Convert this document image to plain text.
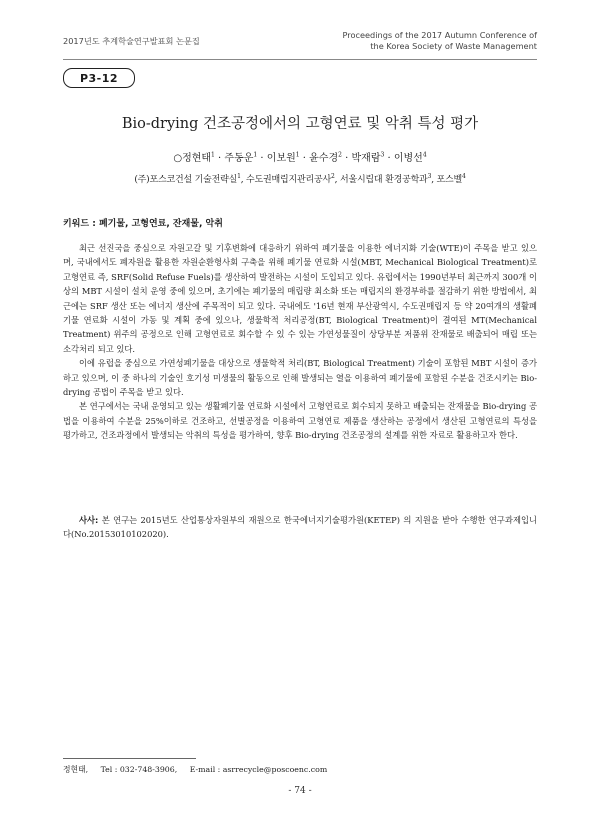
2017년도 추계학술연구발표회 논문집
Proceedings of the 2017 Autumn Conference of
the Korea Society of Waste Management
P3-12
Bio-drying 건조공정에서의 고형연료 및 악취 특성 평가
○정현태$^1$ · 주동운$^1$ · 이보원$^1$ · 윤수경$^2$ · 박재람$^3$ · 이병선$^4$
(주)포스코건설 기술전략실$^1$, 수도권매립지관리공사$^2$, 서울시립대 환경공학과$^3$, 포스벨$^4$
키워드 : 폐기물, 고형연료, 잔재물, 악취

최근 선진국을 중심으로 자원고갈 및 기후변화에 대응하기 위하여 폐기물을 이용한 에너지화 기술(WTE)이 주목을 받고 있으며, 국내에서도 폐자원을 활용한 자원순환형사회 구축을 위해 폐기물 연료화 시설(MBT, Mechanical Biological Treatment)로 고형연료 즉, SRF(Solid Refuse Fuels)를 생산하여 발전하는 시설이 도입되고 있다. 유럽에서는 1990년부터 최근까지 300개 이상의 MBT 시설이 설치 운영 중에 있으며, 초기에는 폐기물의 매립량 최소화 또는 매립지의 환경부하를 절감하기 위한 방법에서, 최근에는 SRF 생산 또는 에너지 생산에 주목적이 되고 있다. 국내에도 '16년 현재 부산광역시, 수도권매립지 등 약 20여개의 생활폐기물 연료화 시설이 가동 및 계획 중에 있으나, 생물학적 처리공정(BT, Biological Treatment)이 결여된 MT(Mechanical Treatment) 위주의 공정으로 인해 고형연료로 회수할 수 있 수 있는 가연성물질이 상당부분 저품위 잔재물로 배출되어 매립 또는 소각처리 되고 있다.

이에 유럽을 중심으로 가연성폐기물을 대상으로 생물학적 처리(BT, Biological Treatment) 기술이 포함된 MBT 시설이 증가하고 있으며, 이 중 하나의 기술인 호기성 미생물의 활동으로 인해 발생되는 열을 이용하여 폐기물에 포함된 수분을 건조시키는 Bio-drying 공법이 주목을 받고 있다.

본 연구에서는 국내 운영되고 있는 생활폐기물 연료화 시설에서 고형연료로 회수되지 못하고 배출되는 잔재물을 Bio-drying 공법을 이용하여 수분을 25%이하로 건조하고, 선별공정을 이용하여 고형연료 제품을 생산하는 공정에서 생산된 고형연료의 특성을 평가하고, 건조과정에서 발생되는 악취의 특성을 평가하여, 향후 Bio-drying 건조공정의 설계를 위한 자료로 활용하고자 한다.

사사: 본 연구는 2015년도 산업통상자원부의 재원으로 한국에너지기술평가원(KETEP) 의 지원을 받아 수행한 연구과제입니다(No.20153010102020).
정현태, Tel : 032-748-3906, E-mail : asrrecycle@poscoenc.com
- 74 -
